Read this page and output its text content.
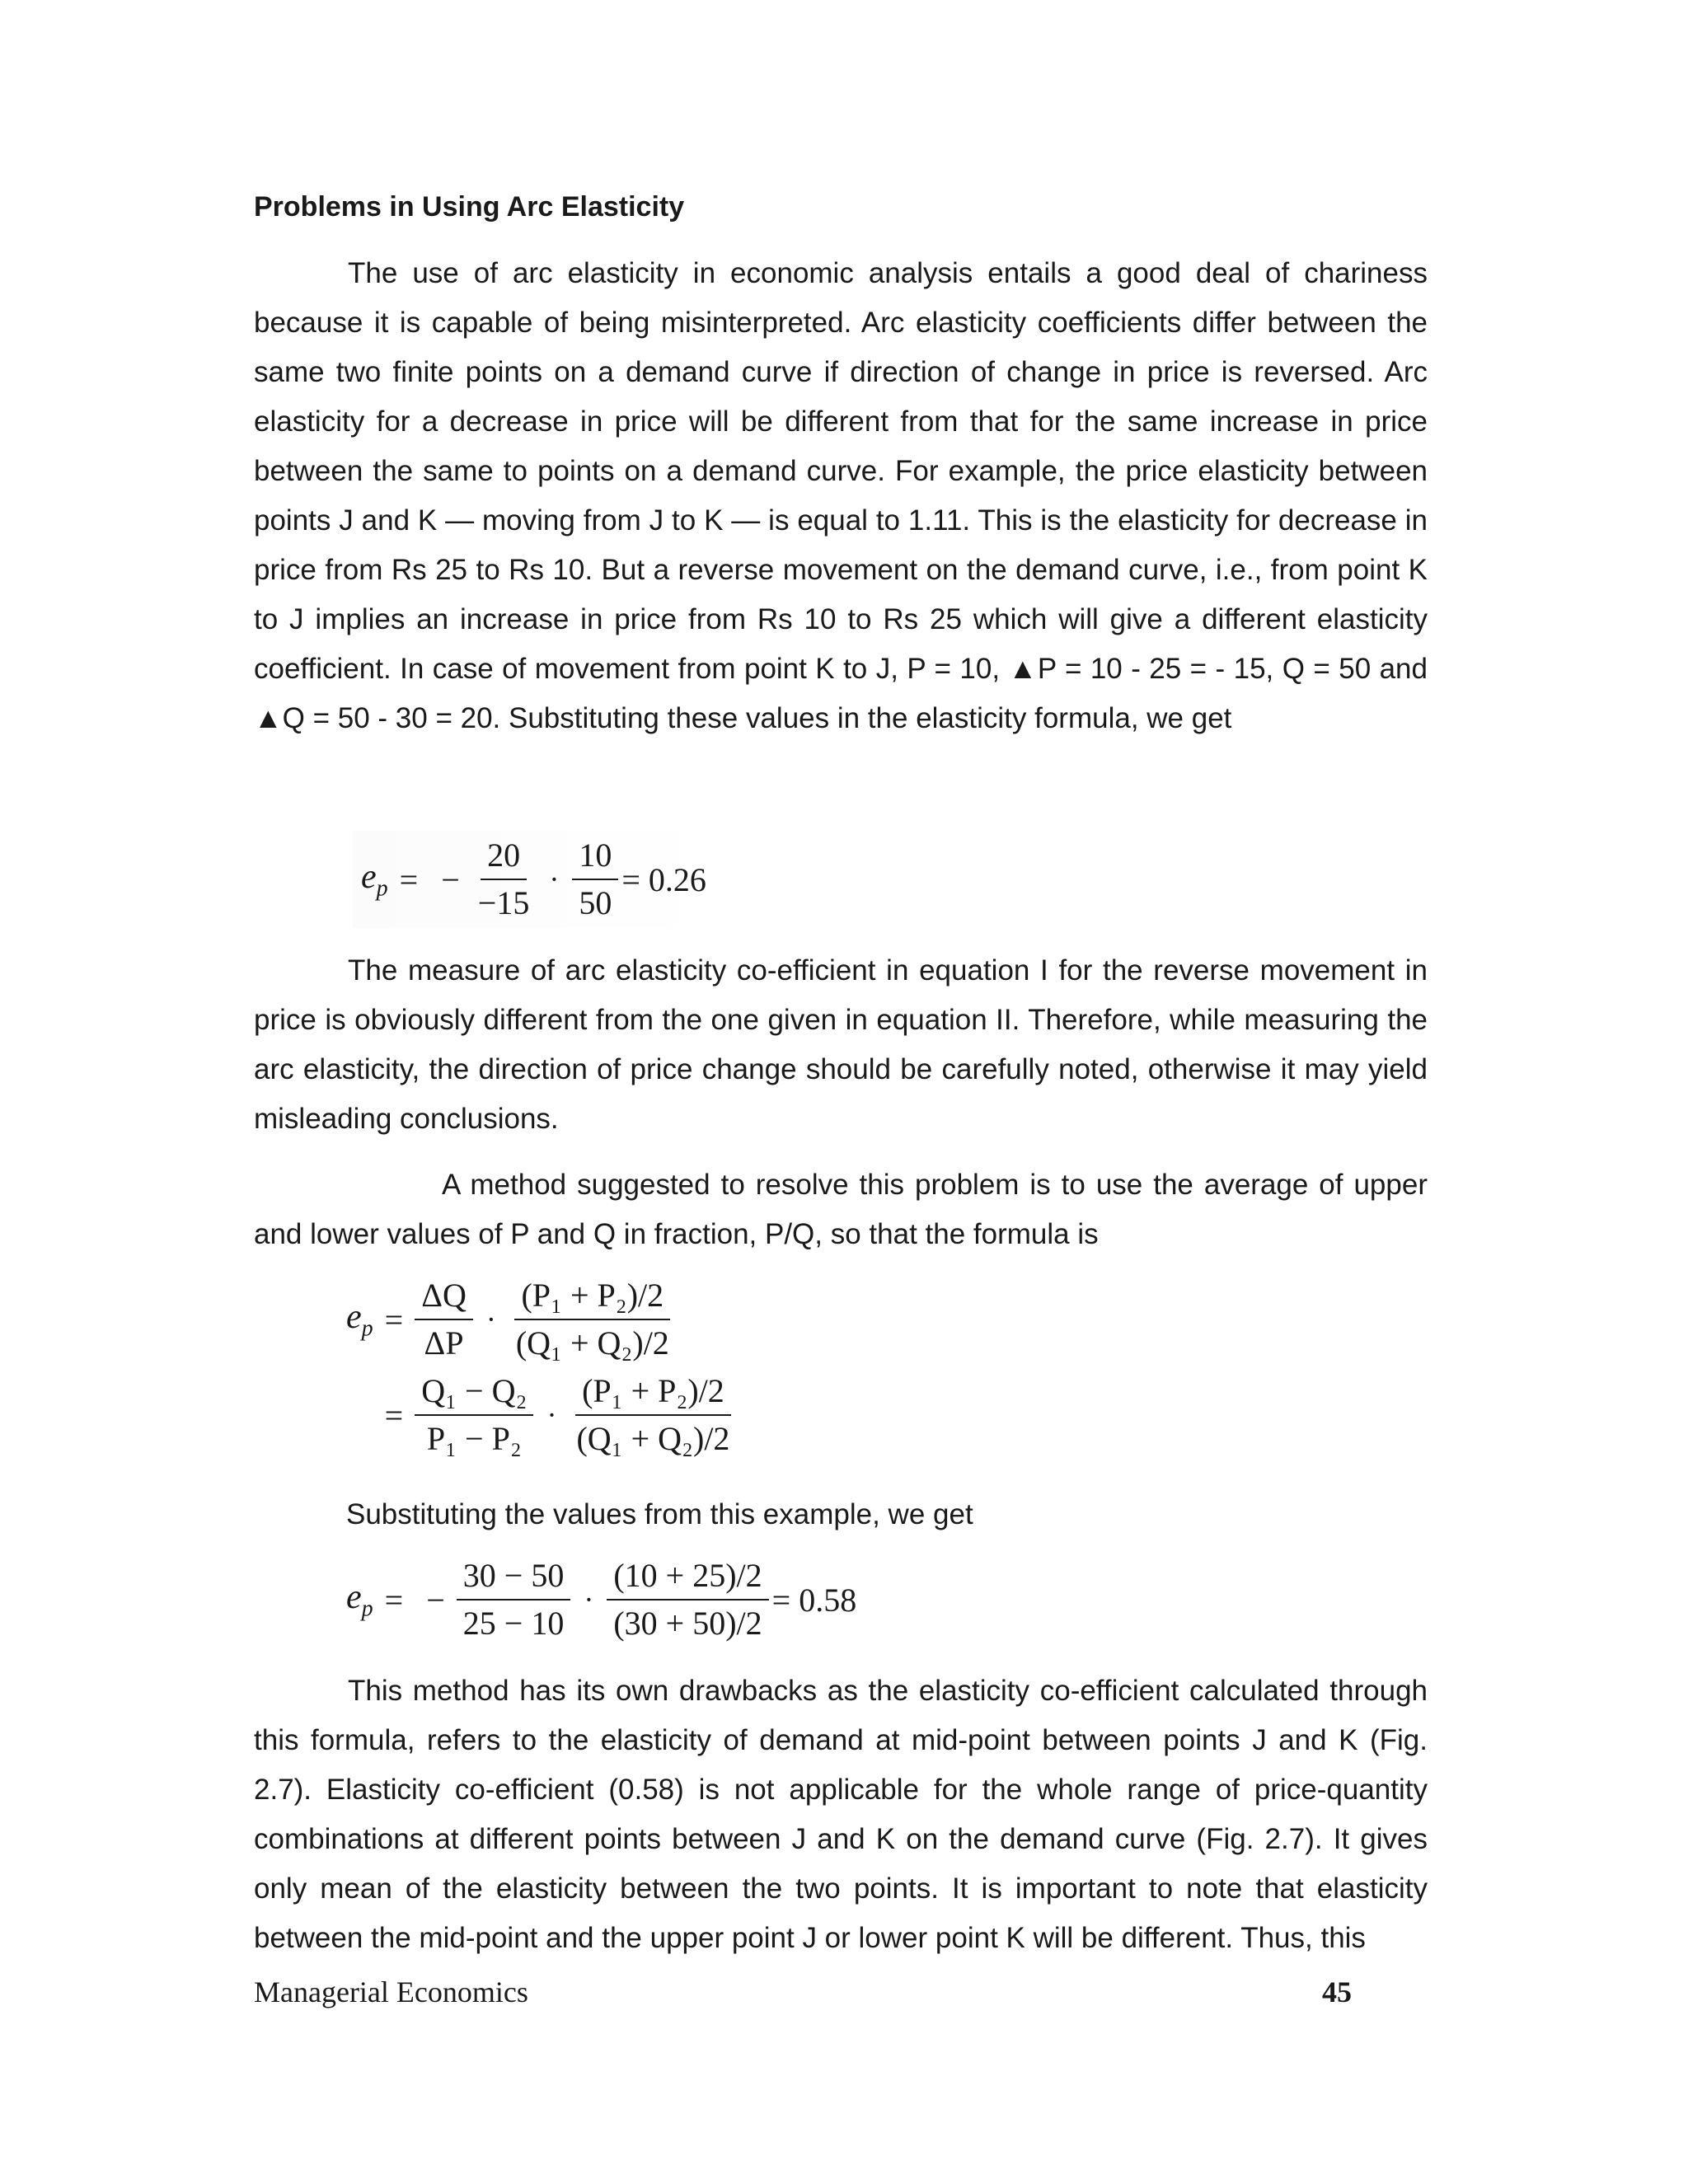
Problems in Using Arc Elasticity

The use of arc elasticity in economic analysis entails a good deal of chariness because it is capable of being misinterpreted. Arc elasticity coefficients differ between the same two finite points on a demand curve if direction of change in price is reversed. Arc elasticity for a decrease in price will be different from that for the same increase in price between the same to points on a demand curve. For example, the price elasticity between points J and K — moving from J to K — is equal to 1.11. This is the elasticity for decrease in price from Rs 25 to Rs 10. But a reverse movement on the demand curve, i.e., from point K to J implies an increase in price from Rs 10 to Rs 25 which will give a different elasticity coefficient. In case of movement from point K to J, P = 10, ▲P = 10 - 25 = - 15, Q = 50 and ▲Q = 50 - 30 = 20. Substituting these values in the elasticity formula, we get

$e_p$ = − $\frac{20}{-15} \cdot \frac{10}{50} = 0.26$

The measure of arc elasticity co-efficient in equation I for the reverse movement in price is obviously different from the one given in equation II. Therefore, while measuring the arc elasticity, the direction of price change should be carefully noted, otherwise it may yield misleading conclusions.

A method suggested to resolve this problem is to use the average of upper and lower values of P and Q in fraction, P/Q, so that the formula is

$e_p = \frac{\Delta Q}{\Delta P} \cdot \frac{\text{(P₁ + P₂)/2}}{\text{(Q₁ + Q₂)/2}}$
= $\frac{\text{Q₁ − Q₂}}{\text{P₁ − P₂}} \cdot \frac{\text{(P₁ + P₂)/2}}{\text{(Q₁ + Q₂)/2}}$

Substituting the values from this example, we get

$e_p$ = − $\frac{30 - 50}{25 - 10} \cdot \frac{(10 + 25)/2}{(30 + 50)/2} = 0.58$

This method has its own drawbacks as the elasticity co-efficient calculated through this formula, refers to the elasticity of demand at mid-point between points J and K (Fig. 2.7). Elasticity co-efficient (0.58) is not applicable for the whole range of price-quantity combinations at different points between J and K on the demand curve (Fig. 2.7). It gives only mean of the elasticity between the two points. It is important to note that elasticity between the mid-point and the upper point J or lower point K will be different. Thus, this

Managerial Economics	45
